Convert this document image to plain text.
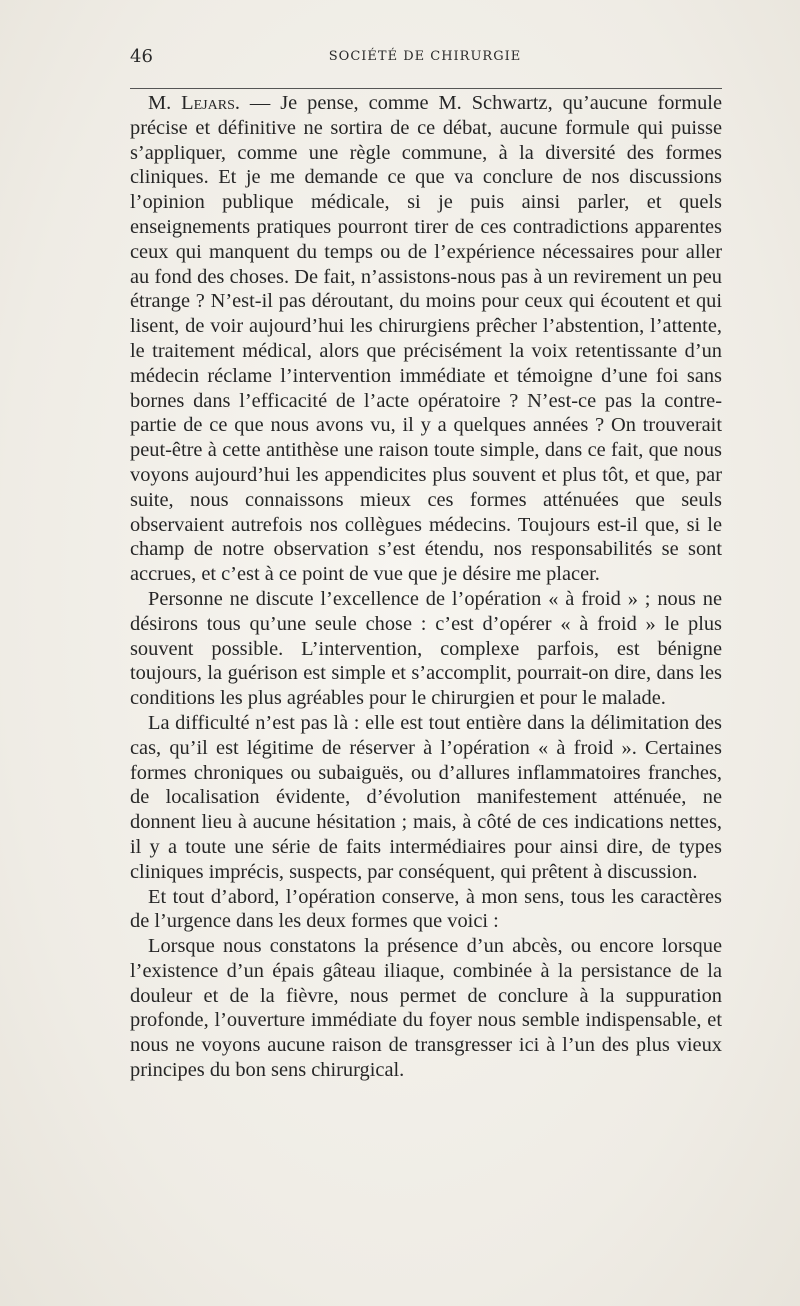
46	SOCIÉTÉ DE CHIRURGIE

M. Lejars. — Je pense, comme M. Schwartz, qu’aucune formule précise et définitive ne sortira de ce débat, aucune formule qui puisse s’appliquer, comme une règle commune, à la diversité des formes cliniques. Et je me demande ce que va conclure de nos discussions l’opinion publique médicale, si je puis ainsi parler, et quels enseignements pratiques pourront tirer de ces contradictions apparentes ceux qui manquent du temps ou de l’expérience nécessaires pour aller au fond des choses. De fait, n’assistons-nous pas à un revirement un peu étrange ? N’est-il pas déroutant, du moins pour ceux qui écoutent et qui lisent, de voir aujourd’hui les chirurgiens prêcher l’abstention, l’attente, le traitement médical, alors que précisément la voix retentissante d’un médecin réclame l’intervention immédiate et témoigne d’une foi sans bornes dans l’efficacité de l’acte opératoire ? N’est-ce pas la contre-partie de ce que nous avons vu, il y a quelques années ? On trouverait peut-être à cette antithèse une raison toute simple, dans ce fait, que nous voyons aujourd’hui les appendicites plus souvent et plus tôt, et que, par suite, nous connaissons mieux ces formes atténuées que seuls observaient autrefois nos collègues médecins. Toujours est-il que, si le champ de notre observation s’est étendu, nos responsabilités se sont accrues, et c’est à ce point de vue que je désire me placer.

Personne ne discute l’excellence de l’opération « à froid » ; nous ne désirons tous qu’une seule chose : c’est d’opérer « à froid » le plus souvent possible. L’intervention, complexe parfois, est bénigne toujours, la guérison est simple et s’accomplit, pourrait-on dire, dans les conditions les plus agréables pour le chirurgien et pour le malade.

La difficulté n’est pas là : elle est tout entière dans la délimitation des cas, qu’il est légitime de réserver à l’opération « à froid ». Certaines formes chroniques ou subaiguës, ou d’allures inflammatoires franches, de localisation évidente, d’évolution manifestement atténuée, ne donnent lieu à aucune hésitation ; mais, à côté de ces indications nettes, il y a toute une série de faits intermédiaires pour ainsi dire, de types cliniques imprécis, suspects, par conséquent, qui prêtent à discussion.

Et tout d’abord, l’opération conserve, à mon sens, tous les caractères de l’urgence dans les deux formes que voici :

Lorsque nous constatons la présence d’un abcès, ou encore lorsque l’existence d’un épais gâteau iliaque, combinée à la persistance de la douleur et de la fièvre, nous permet de conclure à la suppuration profonde, l’ouverture immédiate du foyer nous semble indispensable, et nous ne voyons aucune raison de transgresser ici à l’un des plus vieux principes du bon sens chirurgical.
